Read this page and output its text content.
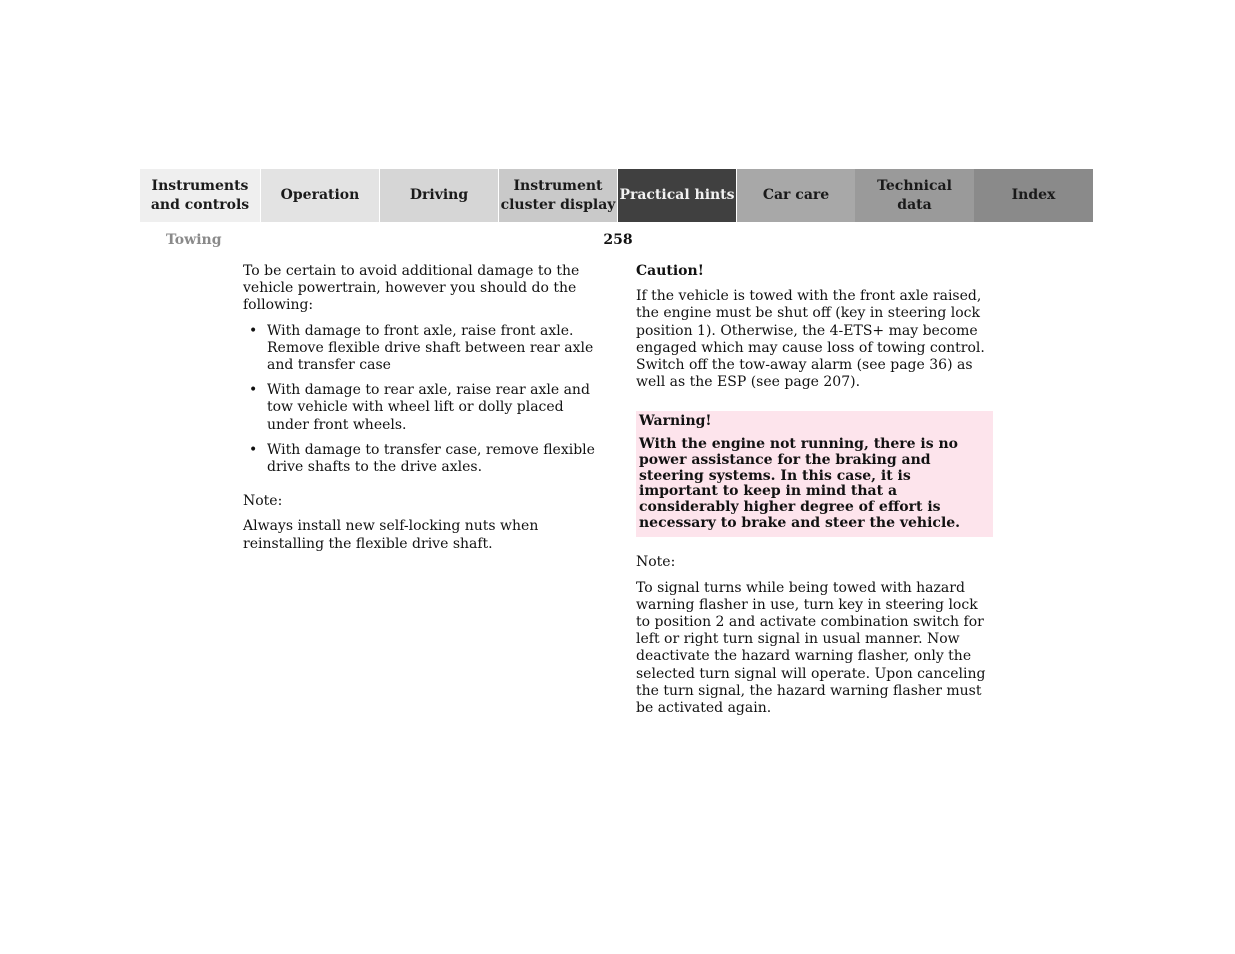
Instruments
and controls
Operation	Driving
Instrument
cluster display
Practical hints	Car care
Technical
data
Index
Towing	258

To be certain to avoid additional damage to the vehicle powertrain, however you should do the following:

• With damage to front axle, raise front axle. Remove flexible drive shaft between rear axle and transfer case
• With damage to rear axle, raise rear axle and tow vehicle with wheel lift or dolly placed under front wheels.
• With damage to transfer case, remove flexible drive shafts to the drive axles.

Note:

Always install new self-locking nuts when reinstalling the flexible drive shaft.

Caution!

If the vehicle is towed with the front axle raised, the engine must be shut off (key in steering lock position 1). Otherwise, the 4-ETS+ may become engaged which may cause loss of towing control. Switch off the tow-away alarm (see page 36) as well as the ESP (see page 207).

Warning!

With the engine not running, there is no power assistance for the braking and steering systems. In this case, it is important to keep in mind that a considerably higher degree of effort is necessary to brake and steer the vehicle.

Note:

To signal turns while being towed with hazard warning flasher in use, turn key in steering lock to position 2 and activate combination switch for left or right turn signal in usual manner. Now deactivate the hazard warning flasher, only the selected turn signal will operate. Upon canceling the turn signal, the hazard warning flasher must be activated again.
